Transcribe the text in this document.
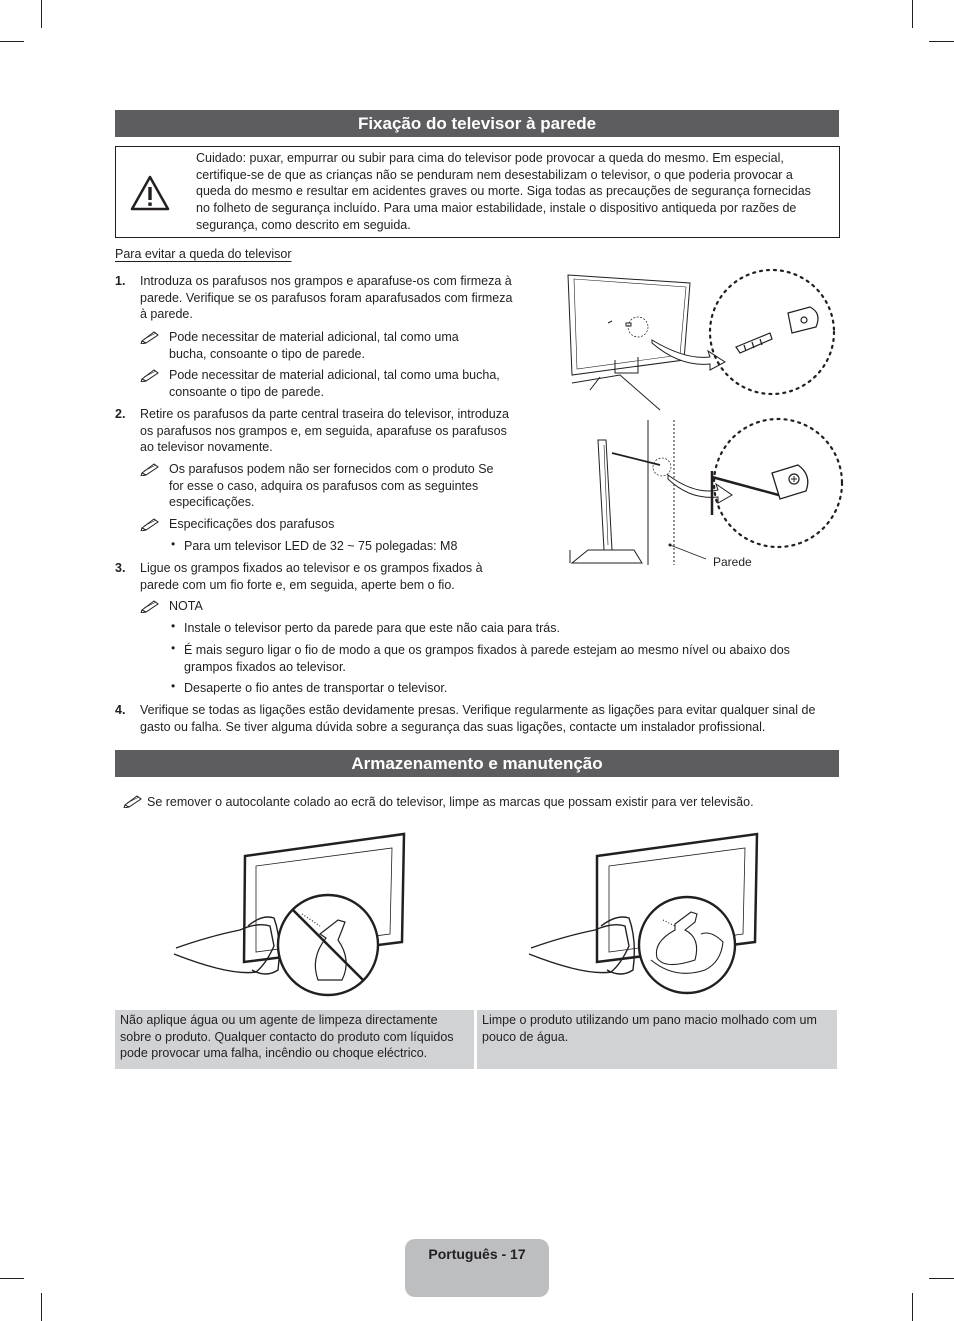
Fixação do televisor à parede
Cuidado: puxar, empurrar ou subir para cima do televisor pode provocar a queda do mesmo. Em especial, certifique-se de que as crianças não se penduram nem desestabilizam o televisor, o que poderia provocar a queda do mesmo e resultar em acidentes graves ou morte. Siga todas as precauções de segurança fornecidas no folheto de segurança incluído. Para uma maior estabilidade, instale o dispositivo antiqueda por razões de segurança, como descrito em seguida.
Para evitar a queda do televisor
1. Introduza os parafusos nos grampos e aparafuse-os com firmeza à parede. Verifique se os parafusos foram aparafusados com firmeza à parede.
Pode necessitar de material adicional, tal como uma bucha, consoante o tipo de parede.
Pode necessitar de material adicional, tal como uma bucha, consoante o tipo de parede.
2. Retire os parafusos da parte central traseira do televisor, introduza os parafusos nos grampos e, em seguida, aparafuse os parafusos ao televisor novamente.
Os parafusos podem não ser fornecidos com o produto Se for esse o caso, adquira os parafusos com as seguintes especificações.
Especificações dos parafusos
• Para um televisor LED de 32 ~ 75 polegadas: M8
3. Ligue os grampos fixados ao televisor e os grampos fixados à parede com um fio forte e, em seguida, aperte bem o fio.
NOTA
• Instale o televisor perto da parede para que este não caia para trás.
• É mais seguro ligar o fio de modo a que os grampos fixados à parede estejam ao mesmo nível ou abaixo dos grampos fixados ao televisor.
• Desaperte o fio antes de transportar o televisor.
4. Verifique se todas as ligações estão devidamente presas. Verifique regularmente as ligações para evitar qualquer sinal de gasto ou falha. Se tiver alguma dúvida sobre a segurança das suas ligações, contacte um instalador profissional.
Parede
Armazenamento e manutenção
Se remover o autocolante colado ao ecrã do televisor, limpe as marcas que possam existir para ver televisão.
Não aplique água ou um agente de limpeza directamente sobre o produto. Qualquer contacto do produto com líquidos pode provocar uma falha, incêndio ou choque eléctrico.
Limpe o produto utilizando um pano macio molhado com um pouco de água.
Português - 17
